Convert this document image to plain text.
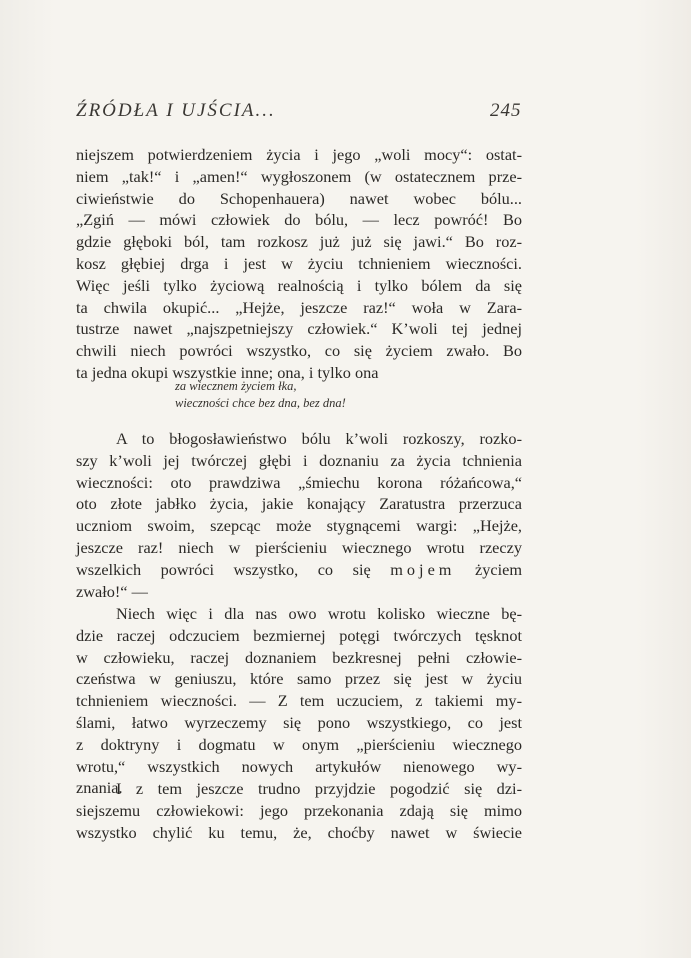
ŹRÓDŁA I UJŚCIA...	245
niejszem potwierdzeniem życia i jego „woli mocy“: ostat-
niem „tak!“ i „amen!“ wygłoszonem (w ostatecznem prze-
ciwieństwie do Schopenhauera) nawet wobec bólu...
„Zgiń — mówi człowiek do bólu, — lecz powróć! Bo
gdzie głęboki ból, tam rozkosz już już się jawi.“ Bo roz-
kosz głębiej drga i jest w życiu tchnieniem wieczności.
Więc jeśli tylko życiową realnością i tylko bólem da się
ta chwila okupić... „Hejże, jeszcze raz!“ woła w Zara-
tustrze nawet „najszpetniejszy człowiek.“ K’woli tej jednej
chwili niech powróci wszystko, co się życiem zwało. Bo
ta jedna okupi wszystkie inne; ona, i tylko ona
za wiecznem życiem łka,
wieczności chce bez dna, bez dna!
A to błogosławieństwo bólu k’woli rozkoszy, rozko-
szy k’woli jej twórczej głębi i doznaniu za życia tchnienia
wieczności: oto prawdziwa „śmiechu korona różańcowa,“
oto złote jabłko życia, jakie konający Zaratustra przerzuca
uczniom swoim, szepcąc może stygnącemi wargi: „Hejże,
jeszcze raz! niech w pierścieniu wiecznego wrotu rzeczy
wszelkich powróci wszystko, co się mojem życiem
zwało!“ —
Niech więc i dla nas owo wrotu kolisko wieczne bę-
dzie raczej odczuciem bezmiernej potęgi twórczych tęsknot
w człowieku, raczej doznaniem bezkresnej pełni człowie-
czeństwa w geniuszu, które samo przez się jest w życiu
tchnieniem wieczności. — Z tem uczuciem, z takiemi my-
ślami, łatwo wyrzeczemy się pono wszystkiego, co jest
z doktryny i dogmatu w onym „pierścieniu wiecznego
wrotu,“ wszystkich nowych artykułów nienowego wy-
znania.
I z tem jeszcze trudno przyjdzie pogodzić się dzi-
siejszemu człowiekowi: jego przekonania zdają się mimo
wszystko chylić ku temu, że, choćby nawet w świecie
